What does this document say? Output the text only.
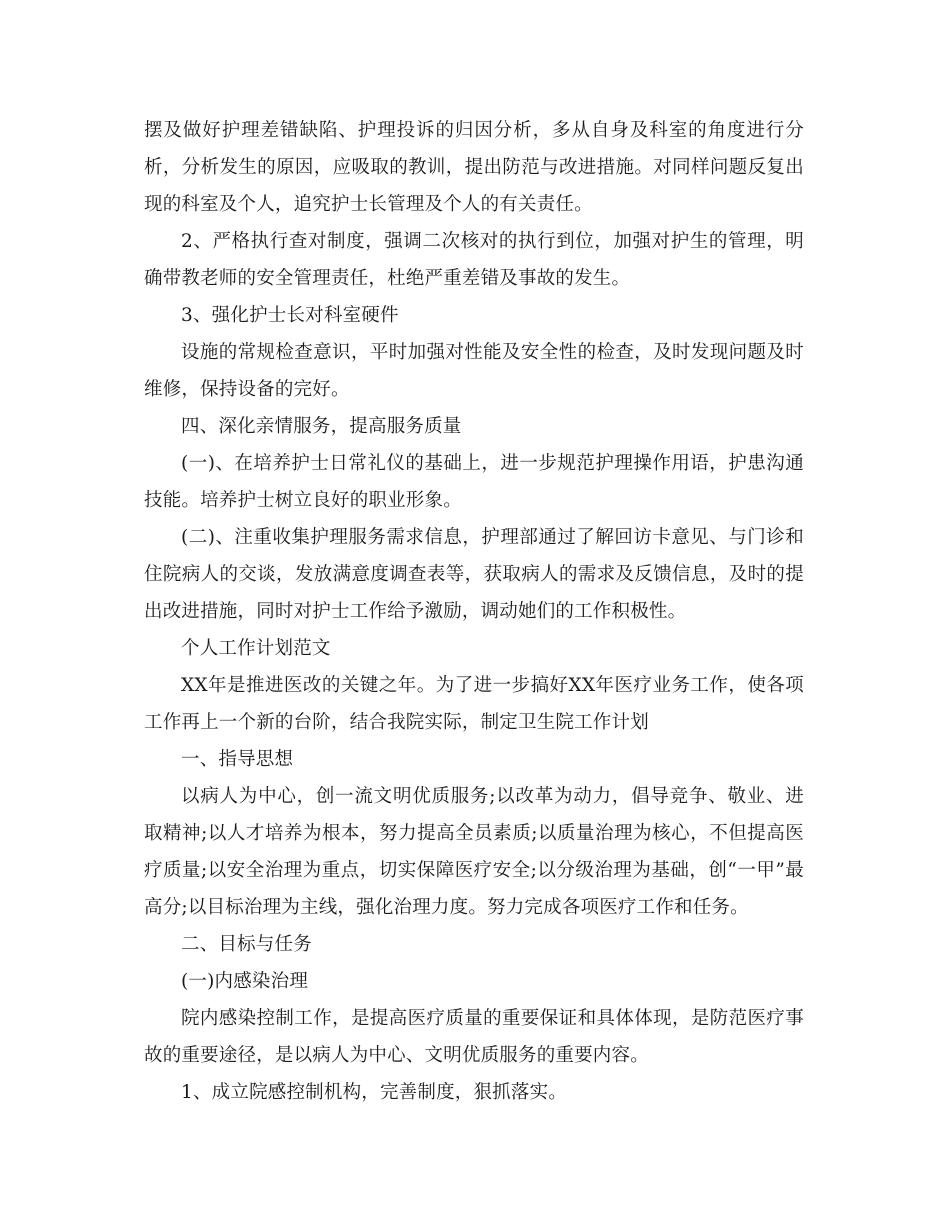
摆及做好护理差错缺陷、护理投诉的归因分析，多从自身及科室的角度进行分析，分析发生的原因，应吸取的教训，提出防范与改进措施。对同样问题反复出现的科室及个人，追究护士长管理及个人的有关责任。

2、严格执行查对制度，强调二次核对的执行到位，加强对护生的管理，明确带教老师的安全管理责任，杜绝严重差错及事故的发生。

3、强化护士长对科室硬件

设施的常规检查意识，平时加强对性能及安全性的检查，及时发现问题及时维修，保持设备的完好。

四、深化亲情服务，提高服务质量

(一)、在培养护士日常礼仪的基础上，进一步规范护理操作用语，护患沟通技能。培养护士树立良好的职业形象。

(二)、注重收集护理服务需求信息，护理部通过了解回访卡意见、与门诊和住院病人的交谈，发放满意度调查表等，获取病人的需求及反馈信息，及时的提出改进措施，同时对护士工作给予激励，调动她们的工作积极性。

个人工作计划范文

XX年是推进医改的关键之年。为了进一步搞好XX年医疗业务工作，使各项工作再上一个新的台阶，结合我院实际，制定卫生院工作计划

一、指导思想

以病人为中心，创一流文明优质服务;以改革为动力，倡导竞争、敬业、进取精神;以人才培养为根本，努力提高全员素质;以质量治理为核心，不但提高医疗质量;以安全治理为重点，切实保障医疗安全;以分级治理为基础，创“一甲”最高分;以目标治理为主线，强化治理力度。努力完成各项医疗工作和任务。

二、目标与任务

(一)内感染治理

院内感染控制工作，是提高医疗质量的重要保证和具体体现，是防范医疗事故的重要途径，是以病人为中心、文明优质服务的重要内容。

1、成立院感控制机构，完善制度，狠抓落实。
